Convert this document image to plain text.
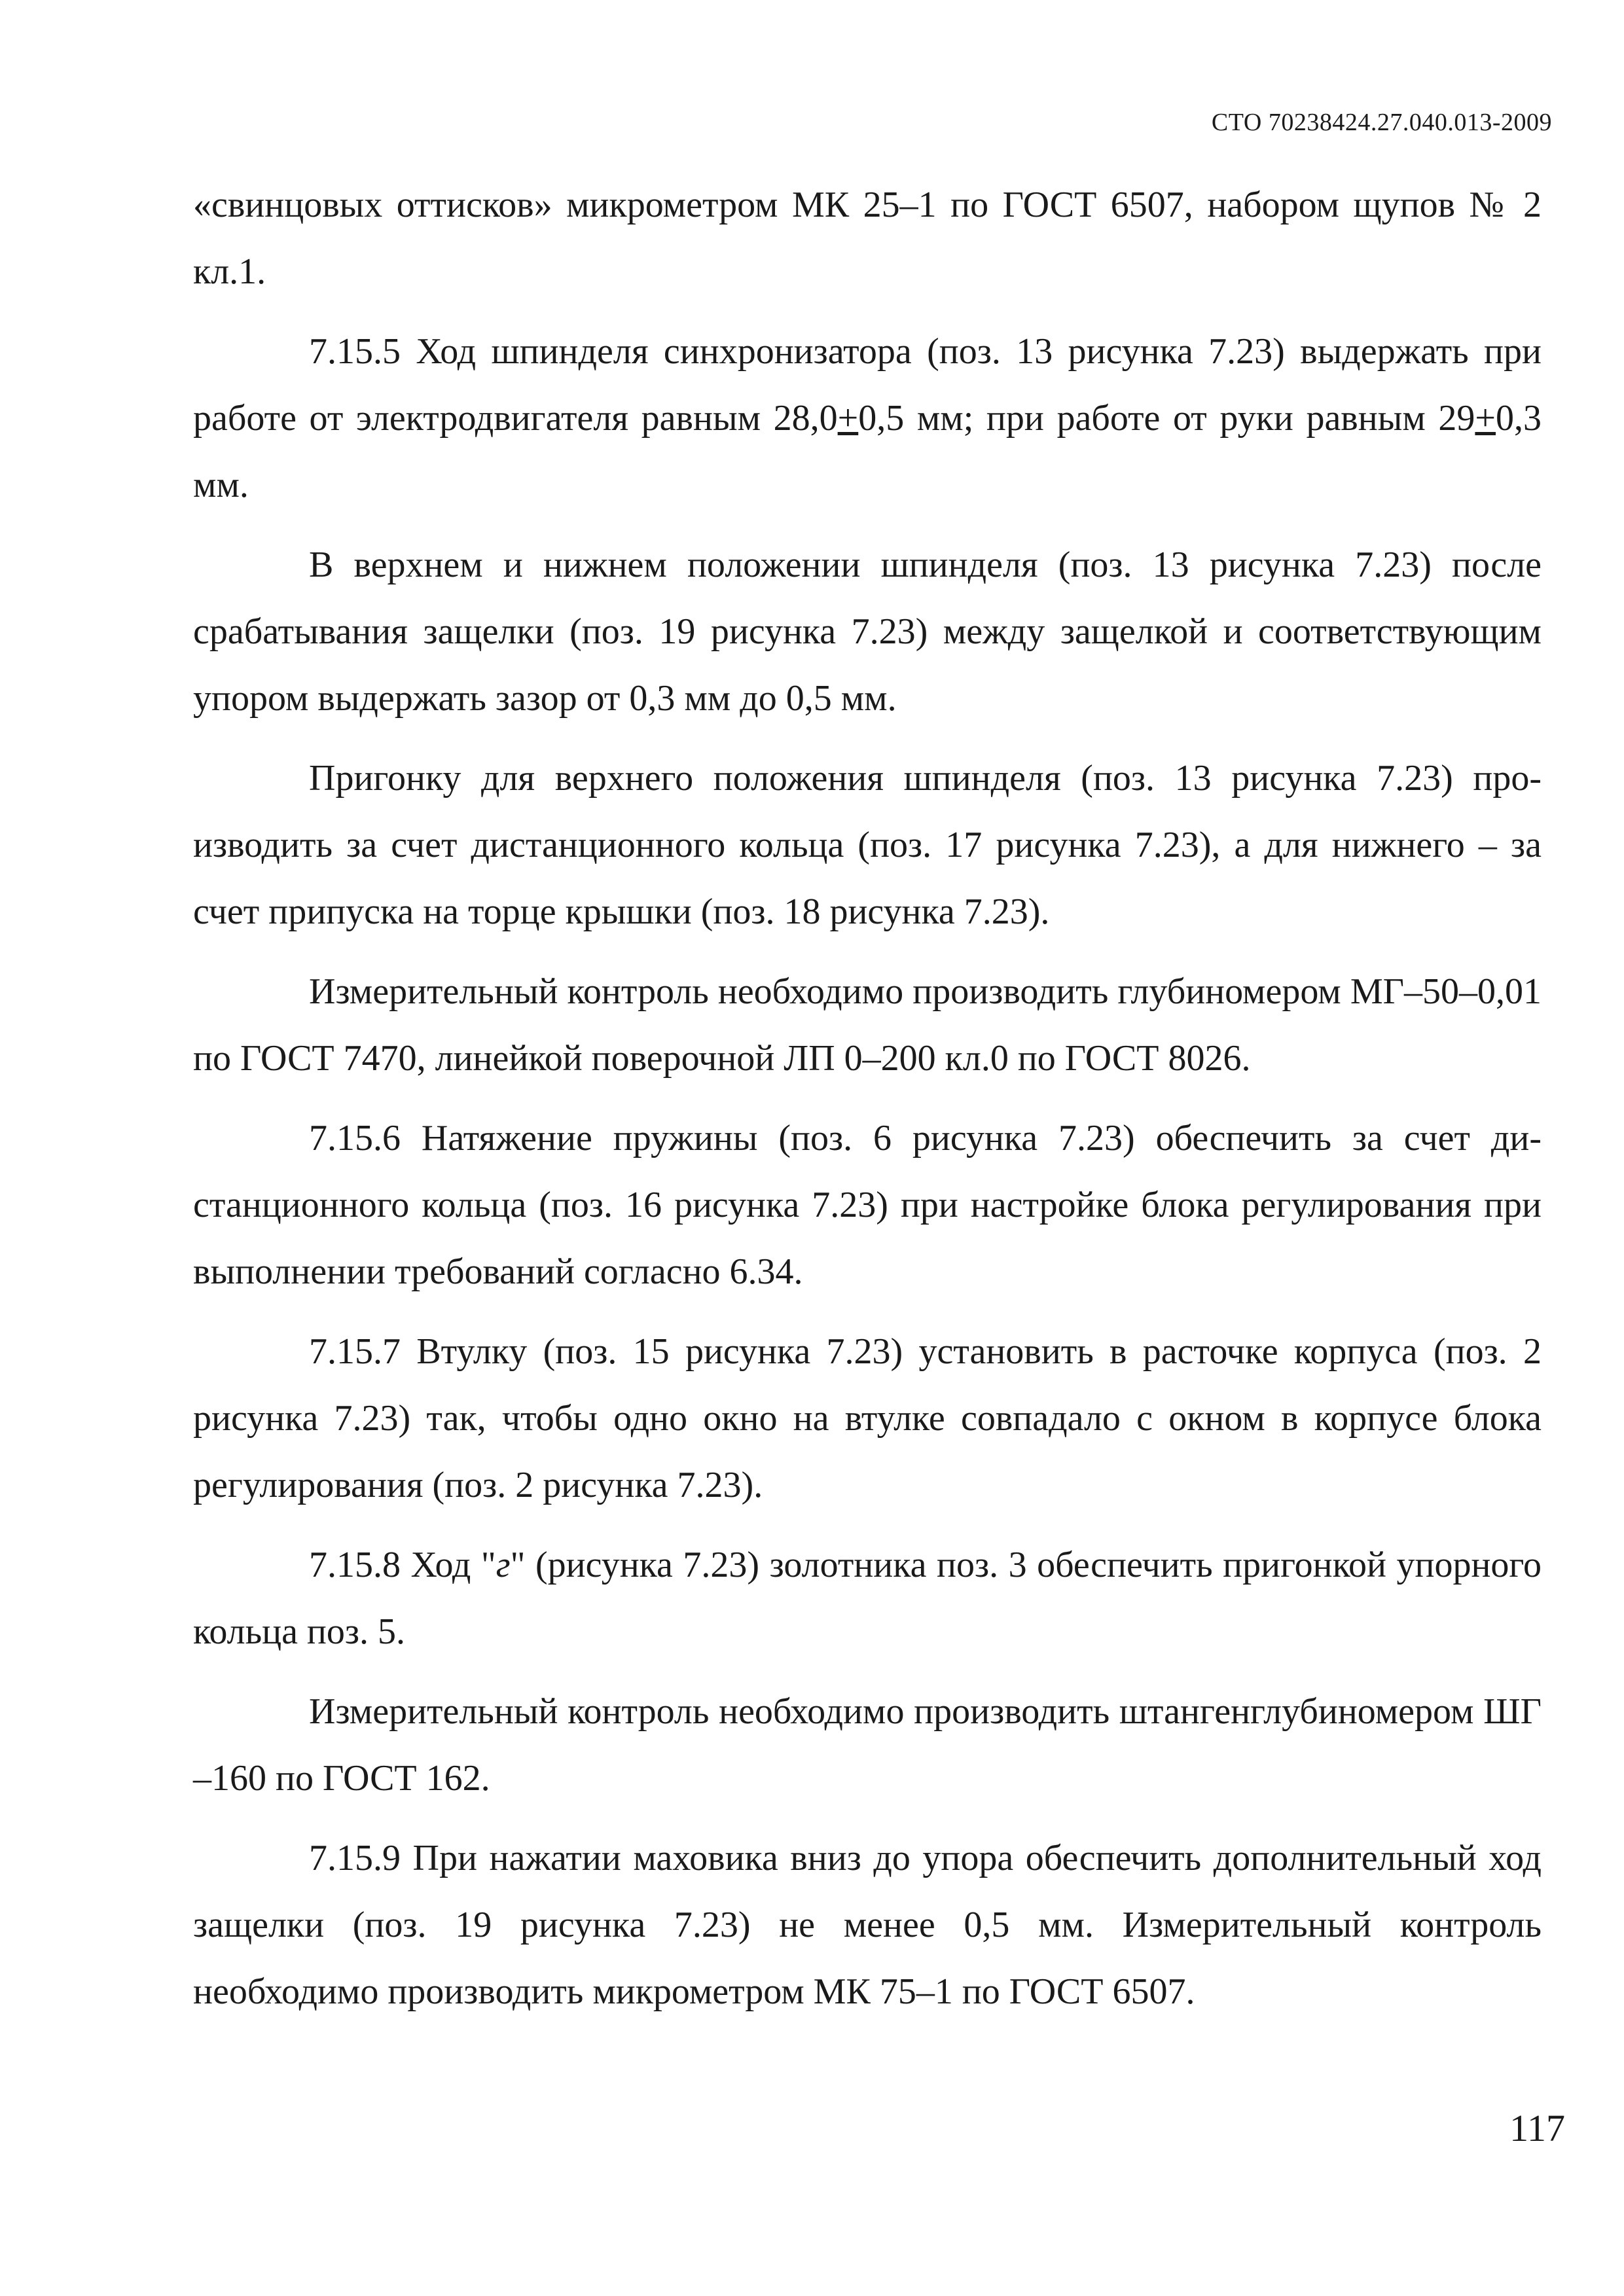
СТО 70238424.27.040.013-2009

«свинцовых оттисков» микрометром МК 25–1 по ГОСТ 6507, набором щупов № 2 кл.1.

7.15.5 Ход шпинделя синхронизатора (поз. 13 рисунка 7.23) выдержать при работе от электродвигателя равным 28,0+0,5 мм; при работе от руки равным 29+0,3 мм.

В верхнем и нижнем положении шпинделя (поз. 13 рисунка 7.23) после срабатывания защелки (поз. 19 рисунка 7.23) между защелкой и соответствующим упором выдержать зазор от 0,3 мм до 0,5 мм.

Пригонку для верхнего положения шпинделя (поз. 13 рисунка 7.23) производить за счет дистанционного кольца (поз. 17 рисунка 7.23), а для нижнего – за счет припуска на торце крышки (поз. 18 рисунка 7.23).

Измерительный контроль необходимо производить глубиномером МГ–50–0,01 по ГОСТ 7470, линейкой поверочной ЛП 0–200 кл.0 по ГОСТ 8026.

7.15.6 Натяжение пружины (поз. 6 рисунка 7.23) обеспечить за счет дистанционного кольца (поз. 16 рисунка 7.23) при настройке блока регулирования при выполнении требований согласно 6.34.

7.15.7 Втулку (поз. 15 рисунка 7.23) установить в расточке корпуса (поз. 2 рисунка 7.23) так, чтобы одно окно на втулке совпадало с окном в корпусе блока регулирования (поз. 2 рисунка 7.23).

7.15.8 Ход "г" (рисунка 7.23) золотника поз. 3 обеспечить пригонкой упорного кольца поз. 5.

Измерительный контроль необходимо производить штангенглубиномером ШГ –160 по ГОСТ 162.

7.15.9 При нажатии маховика вниз до упора обеспечить дополнительный ход защелки (поз. 19 рисунка 7.23) не менее 0,5 мм. Измерительный контроль необходимо производить микрометром МК 75–1 по ГОСТ 6507.

117
